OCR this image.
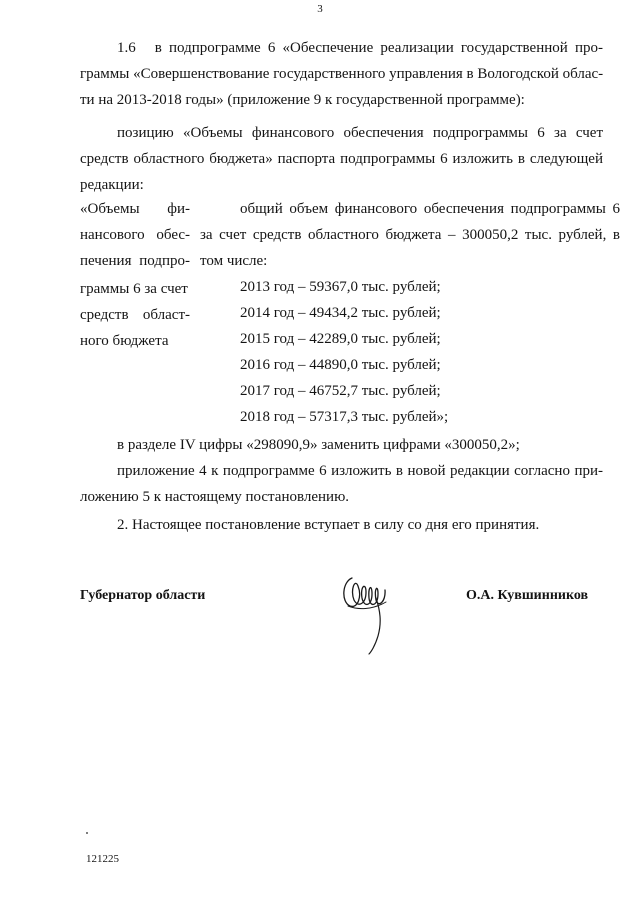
3
1.6 в подпрограмме 6 «Обеспечение реализации государственной про-
граммы «Совершенствование государственного управления в Вологодской облас-
ти на 2013-2018 годы» (приложение 9 к государственной программе):
позицию «Объемы финансового обеспечения подпрограммы 6 за счет
средств областного бюджета» паспорта подпрограммы 6 изложить в следующей
редакции:
«Объемы фи-
нансового обес-
печения подпро-
граммы 6 за счет
средств област-
ного бюджета
общий объем финансового обеспечения подпрограммы 6
за счет средств областного бюджета – 300050,2 тыс. рублей, в
том числе:
2013 год – 59367,0 тыс. рублей;
2014 год – 49434,2 тыс. рублей;
2015 год – 42289,0 тыс. рублей;
2016 год – 44890,0 тыс. рублей;
2017 год – 46752,7 тыс. рублей;
2018 год – 57317,3 тыс. рублей»;
в разделе IV цифры «298090,9» заменить цифрами «300050,2»;
приложение 4 к подпрограмме 6 изложить в новой редакции согласно при-
ложению 5 к настоящему постановлению.
2. Настоящее постановление вступает в силу со дня его принятия.
Губернатор области	О.А. Кувшинников
121225
